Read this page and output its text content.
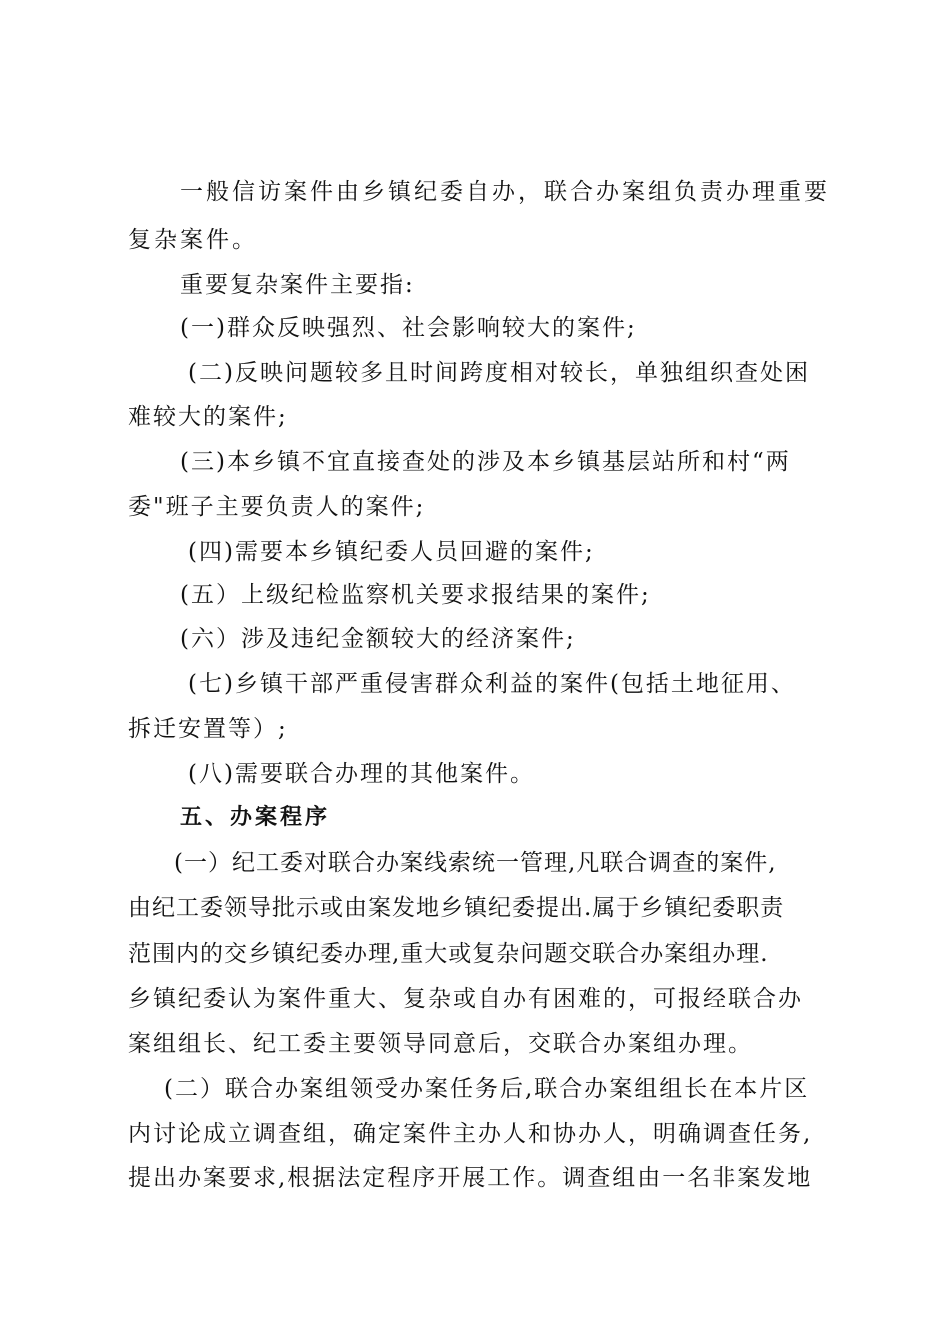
一般信访案件由乡镇纪委自办，联合办案组负责办理重要
复杂案件。
重要复杂案件主要指:
(一)群众反映强烈、社会影响较大的案件;
(二)反映问题较多且时间跨度相对较长，单独组织查处困
难较大的案件;
(三)本乡镇不宜直接查处的涉及本乡镇基层站所和村“两
委"班子主要负责人的案件;
(四)需要本乡镇纪委人员回避的案件;
(五）上级纪检监察机关要求报结果的案件;
(六）涉及违纪金额较大的经济案件;
(七)乡镇干部严重侵害群众利益的案件(包括土地征用、
拆迁安置等）;
(八)需要联合办理的其他案件。
五、办案程序
(一）纪工委对联合办案线索统一管理,凡联合调查的案件,
由纪工委领导批示或由案发地乡镇纪委提出.属于乡镇纪委职责
范围内的交乡镇纪委办理,重大或复杂问题交联合办案组办理.
乡镇纪委认为案件重大、复杂或自办有困难的，可报经联合办
案组组长、纪工委主要领导同意后，交联合办案组办理。
(二）联合办案组领受办案任务后,联合办案组组长在本片区
内讨论成立调查组，确定案件主办人和协办人，明确调查任务,
提出办案要求,根据法定程序开展工作。调查组由一名非案发地
